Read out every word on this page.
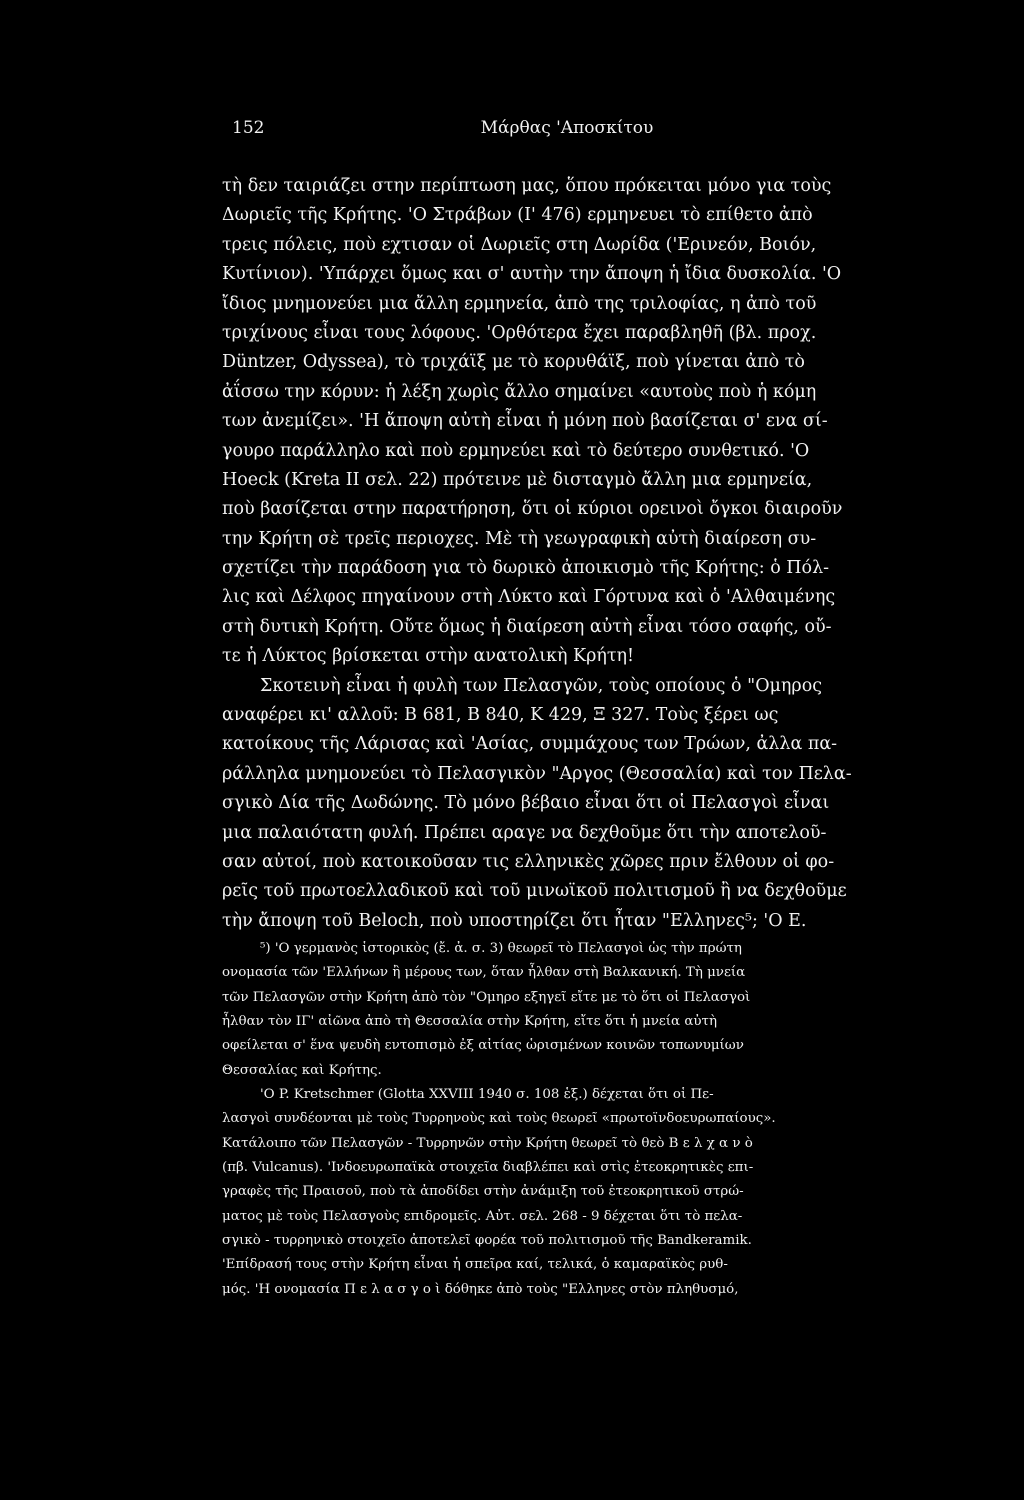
152	Μάρθας 'Αποσκίτου
τὴ δεν ταιριάζει στην περίπτωση μας, ὅπου πρόκειται μόνο για τοὺς
Δωριεῖς τῆς Κρήτης. 'Ο Στράβων (I' 476) ερμηνευει τὸ επίθετο ἀπὸ
τρεις πόλεις, ποὺ εχτισαν οἱ Δωριεῖς στη Δωρίδα ('Ερινεόν, Βοιόν,
Κυτίνιον). 'Υπάρχει ὅμως και σ' αυτὴν την ἄποψη ἡ ἴδια δυσκολία. 'Ο
ἴδιος μνημονεύει μια ἄλλη ερμηνεία, ἀπὸ της τριλοφίας, η ἀπὸ τοῦ
τριχίνους εἶναι τους λόφους. 'Ορθότερα ἔχει παραβληθῆ (βλ. προχ.
Düntzer, Odyssea), τὸ τριχάϊξ με τὸ κορυθάϊξ, ποὺ γίνεται ἀπὸ τὸ
ἀΐσσω την κόρυν: ἡ λέξη χωρὶς ἄλλο σημαίνει «αυτοὺς ποὺ ἡ κόμη
των ἀνεμίζει». 'Η ἄποψη αὐτὴ εἶναι ἡ μόνη ποὺ βασίζεται σ' ενα σί-
γουρο παράλληλο καὶ ποὺ ερμηνεύει καὶ τὸ δεύτερο συνθετικό. 'Ο
Hoeck (Kreta II σελ. 22) πρότεινε μὲ δισταγμὸ ἄλλη μια ερμηνεία,
ποὺ βασίζεται στην παρατήρηση, ὅτι οἱ κύριοι ορεινοὶ ὄγκοι διαιροῦν
την Κρήτη σὲ τρεῖς περιοχες. Μὲ τὴ γεωγραφικὴ αὐτὴ διαίρεση συ-
σχετίζει τὴν παράδοση για τὸ δωρικὸ ἀποικισμὸ τῆς Κρήτης: ὁ Πόλ-
λις καὶ Δέλφος πηγαίνουν στὴ Λύκτο καὶ Γόρτυνα καὶ ὁ 'Αλθαιμένης
στὴ δυτικὴ Κρήτη. Οὔτε ὅμως ἡ διαίρεση αὐτὴ εἶναι τόσο σαφής, οὔ-
τε ἡ Λύκτος βρίσκεται στὴν ανατολικὴ Κρήτη!
Σκοτεινὴ εἶναι ἡ φυλὴ των Πελασγῶν, τοὺς οποίους ὁ "Ομηρος
αναφέρει κι' αλλοῦ: Β 681, Β 840, Κ 429, Ξ 327. Τοὺς ξέρει ως
κατοίκους τῆς Λάρισας καὶ 'Ασίας, συμμάχους των Τρώων, ἀλλα πα-
ράλληλα μνημονεύει τὸ Πελασγικὸν "Αργος (Θεσσαλία) καὶ τον Πελα-
σγικὸ Δία τῆς Δωδώνης. Τὸ μόνο βέβαιο εἶναι ὅτι οἱ Πελασγοὶ εἶναι
μια παλαιότατη φυλή. Πρέπει αραγε να δεχθοῦμε ὅτι τὴν αποτελοῦ-
σαν αὐτοί, ποὺ κατοικοῦσαν τις ελληνικὲς χῶρες πριν ἔλθουν οἱ φο-
ρεῖς τοῦ πρωτοελλαδικοῦ καὶ τοῦ μινωϊκοῦ πολιτισμοῦ ἢ να δεχθοῦμε
τὴν ἄποψη τοῦ Beloch, ποὺ υποστηρίζει ὅτι ἦταν "Ελληνες⁵; 'Ο Ε.
⁵) 'Ο γερμανὸς ἱστορικὸς (ἔ. ἀ. σ. 3) θεωρεῖ τὸ Πελασγοὶ ὡς τὴν πρώτη
ονομασία τῶν 'Ελλήνων ἢ μέρους των, ὅταν ἦλθαν στὴ Βαλκανική. Τὴ μνεία
τῶν Πελασγῶν στὴν Κρήτη ἀπὸ τὸν "Ομηρο εξηγεῖ εἴτε με τὸ ὅτι οἱ Πελασγοὶ
ἦλθαν τὸν ΙΓ' αἰῶνα ἀπὸ τὴ Θεσσαλία στὴν Κρήτη, εἴτε ὅτι ἡ μνεία αὐτὴ
οφείλεται σ' ἕνα ψευδὴ εντοπισμὸ ἐξ αἰτίας ὡρισμένων κοινῶν τοπωνυμίων
Θεσσαλίας καὶ Κρήτης.
'Ο P. Kretschmer (Glotta XXVIII 1940 σ. 108 ἑξ.) δέχεται ὅτι οἱ Πε-
λασγοὶ συνδέονται μὲ τοὺς Τυρρηνοὺς καὶ τοὺς θεωρεῖ «πρωτοϊνδοευρωπαίους».
Κατάλοιπο τῶν Πελασγῶν - Τυρρηνῶν στὴν Κρήτη θεωρεῖ τὸ θεὸ Β ε λ χ α ν ὸ
(πβ. Vulcanus). 'Ινδοευρωπαϊκὰ στοιχεῖα διαβλέπει καὶ στὶς ἐτεοκρητικὲς επι-
γραφὲς τῆς Πραισοῦ, ποὺ τὰ ἀποδίδει στὴν ἀνάμιξη τοῦ ἐτεοκρητικοῦ στρώ-
ματος μὲ τοὺς Πελασγοὺς επιδρομεῖς. Αὐτ. σελ. 268 - 9 δέχεται ὅτι τὸ πελα-
σγικὸ - τυρρηνικὸ στοιχεῖο ἀποτελεῖ φορέα τοῦ πολιτισμοῦ τῆς Bandkeramik.
'Επίδρασή τους στὴν Κρήτη εἶναι ἡ σπεῖρα καί, τελικά, ὁ καμαραϊκὸς ρυθ-
μός. 'Η ονομασία Π ε λ α σ γ ο ὶ δόθηκε ἀπὸ τοὺς "Ελληνες στὸν πληθυσμό,
